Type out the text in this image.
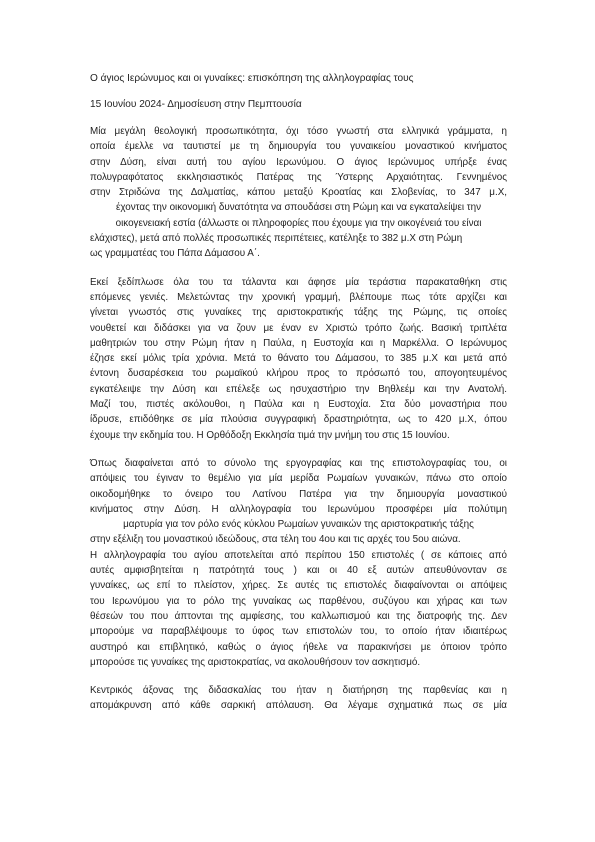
Ο άγιος Ιερώνυμος και οι γυναίκες: επισκόπηση της αλληλογραφίας τους

15 Ιουνίου 2024- Δημοσίευση στην Πεμπτουσία

Μία μεγάλη θεολογική προσωπικότητα, όχι τόσο γνωστή στα ελληνικά γράμματα, η
οποία έμελλε να ταυτιστεί με τη δημιουργία του γυναικείου μοναστικού κινήματος
στην Δύση, είναι αυτή του αγίου Ιερωνύμου. Ο άγιος Ιερώνυμος υπήρξε ένας
πολυγραφότατος εκκλησιαστικός Πατέρας της Ύστερης Αρχαιότητας. Γεννημένος
στην Στριδώνα της Δαλματίας, κάπου μεταξύ Κροατίας και Σλοβενίας, το 347 μ.Χ,
έχοντας την οικονομική δυνατότητα να σπουδάσει στη Ρώμη και να εγκαταλείψει την
οικογενειακή εστία (άλλωστε οι πληροφορίες που έχουμε για την οικογένειά του είναι
ελάχιστες), μετά από πολλές προσωπικές περιπέτειες, κατέληξε το 382 μ.Χ στη Ρώμη
ως γραμματέας του Πάπα Δάμασου Α΄.
Εκεί ξεδίπλωσε όλα του τα τάλαντα και άφησε μία τεράστια παρακαταθήκη στις
επόμενες γενιές. Μελετώντας την χρονική γραμμή, βλέπουμε πως τότε αρχίζει και
γίνεται γνωστός στις γυναίκες της αριστοκρατικής τάξης της Ρώμης, τις οποίες
νουθετεί και διδάσκει για να ζουν με έναν εν Χριστώ τρόπο ζωής. Βασική τριπλέτα
μαθητριών του στην Ρώμη ήταν η Παύλα, η Ευστοχία και η Μαρκέλλα. Ο Ιερώνυμος
έζησε εκεί μόλις τρία χρόνια. Μετά το θάνατο του Δάμασου, το 385 μ.Χ και μετά από
έντονη δυσαρέσκεια του ρωμαϊκού κλήρου προς το πρόσωπό του, απογοητευμένος
εγκατέλειψε την Δύση και επέλεξε ως ησυχαστήριο την Βηθλεέμ και την Ανατολή.
Μαζί του, πιστές ακόλουθοι, η Παύλα και η Ευστοχία. Στα δύο μοναστήρια που
ίδρυσε, επιδόθηκε σε μία πλούσια συγγραφική δραστηριότητα, ως το 420 μ.Χ, όπου
έχουμε την εκδημία του. Η Ορθόδοξη Εκκλησία τιμά την μνήμη του στις 15 Ιουνίου.
Όπως διαφαίνεται από το σύνολο της εργογραφίας και της επιστολογραφίας του, οι
απόψεις του έγιναν το θεμέλιο για μία μερίδα Ρωμαίων γυναικών, πάνω στο οποίο
οικοδομήθηκε το όνειρο του Λατίνου Πατέρα για την δημιουργία μοναστικού
κινήματος στην Δύση. Η αλληλογραφία του Ιερωνύμου προσφέρει μία πολύτιμη
μαρτυρία για τον ρόλο ενός κύκλου Ρωμαίων γυναικών της αριστοκρατικής τάξης
στην εξέλιξη του μοναστικού ιδεώδους, στα τέλη του 4ου και τις αρχές του 5ου αιώνα.
Η αλληλογραφία του αγίου αποτελείται από περίπου 150 επιστολές ( σε κάποιες από
αυτές αμφισβητείται η πατρότητά τους ) και οι 40 εξ αυτών απευθύνονταν σε
γυναίκες, ως επί το πλείστον, χήρες. Σε αυτές τις επιστολές διαφαίνονται οι απόψεις
του Ιερωνύμου για το ρόλο της γυναίκας ως παρθένου, συζύγου και χήρας και των
θέσεών του που άπτονται της αμφίεσης, του καλλωπισμού και της διατροφής της. Δεν
μπορούμε να παραβλέψουμε το ύφος των επιστολών του, το οποίο ήταν ιδιαιτέρως
αυστηρό και επιβλητικό, καθώς ο άγιος ήθελε να παρακινήσει με όποιον τρόπο
μπορούσε τις γυναίκες της αριστοκρατίας, να ακολουθήσουν τον ασκητισμό.
Κεντρικός άξονας της διδασκαλίας του ήταν η διατήρηση της παρθενίας και η
απομάκρυνση από κάθε σαρκική απόλαυση. Θα λέγαμε σχηματικά πως σε μία
